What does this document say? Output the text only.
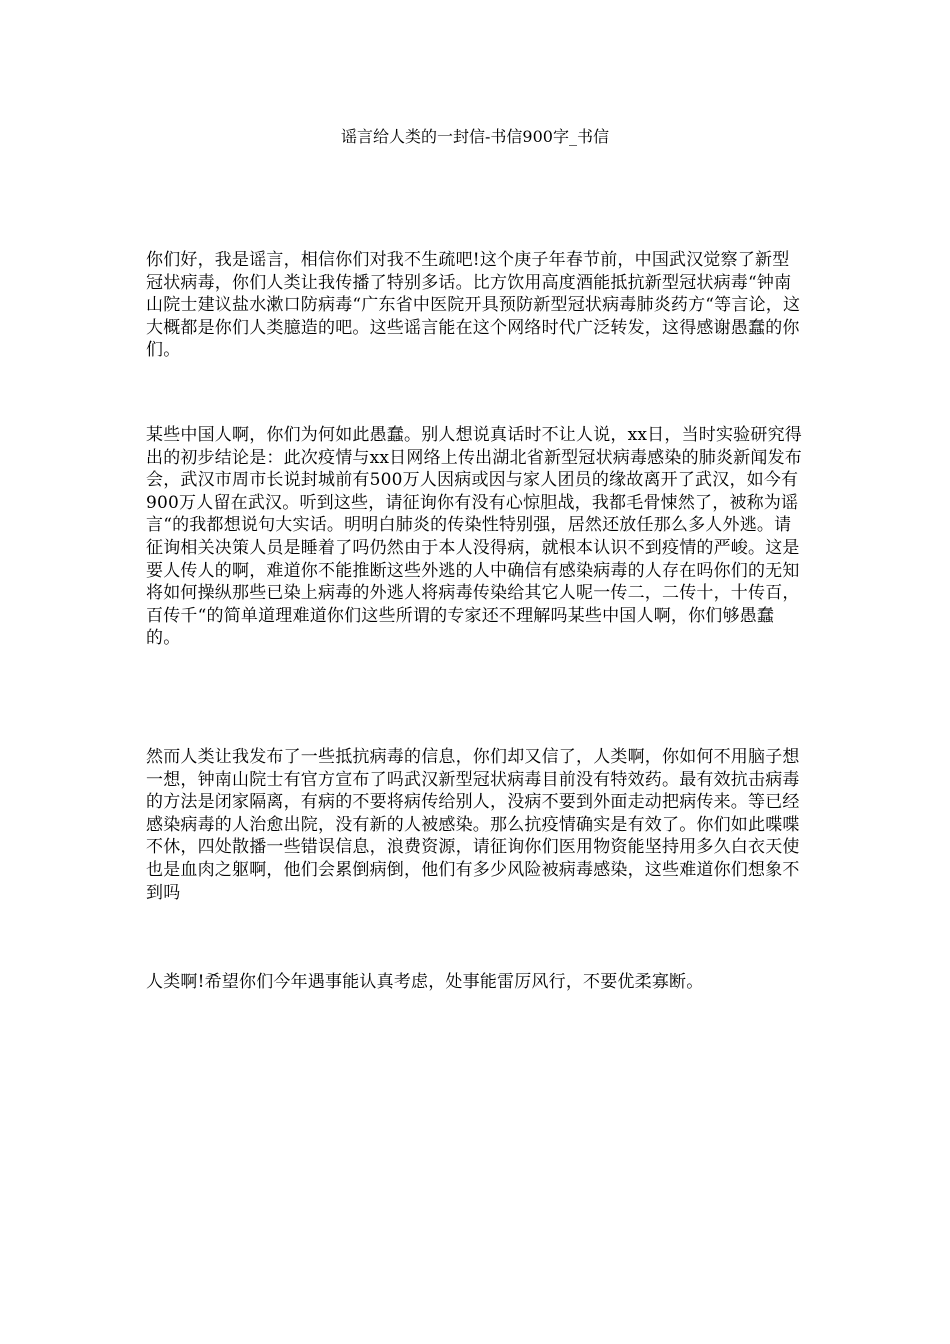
谣言给人类的一封信-书信900字_书信

你们好，我是谣言，相信你们对我不生疏吧!这个庚子年春节前，中国武汉觉察了新型冠状病毒，你们人类让我传播了特别多话。比方饮用高度酒能抵抗新型冠状病毒“钟南山院士建议盐水漱口防病毒“广东省中医院开具预防新型冠状病毒肺炎药方“等言论，这大概都是你们人类臆造的吧。这些谣言能在这个网络时代广泛转发，这得感谢愚蠢的你们。

某些中国人啊，你们为何如此愚蠢。别人想说真话时不让人说，xx日，当时实验研究得出的初步结论是：此次疫情与xx日网络上传出湖北省新型冠状病毒感染的肺炎新闻发布会，武汉市周市长说封城前有500万人因病或因与家人团员的缘故离开了武汉，如今有900万人留在武汉。听到这些，请征询你有没有心惊胆战，我都毛骨悚然了，被称为谣言“的我都想说句大实话。明明白肺炎的传染性特别强，居然还放任那么多人外逃。请征询相关决策人员是睡着了吗仍然由于本人没得病，就根本认识不到疫情的严峻。这是要人传人的啊，难道你不能推断这些外逃的人中确信有感染病毒的人存在吗你们的无知将如何操纵那些已染上病毒的外逃人将病毒传染给其它人呢一传二，二传十，十传百，百传千“的简单道理难道你们这些所谓的专家还不理解吗某些中国人啊，你们够愚蠢的。

然而人类让我发布了一些抵抗病毒的信息，你们却又信了，人类啊，你如何不用脑子想一想，钟南山院士有官方宣布了吗武汉新型冠状病毒目前没有特效药。最有效抗击病毒的方法是闭家隔离，有病的不要将病传给别人，没病不要到外面走动把病传来。等已经感染病毒的人治愈出院，没有新的人被感染。那么抗疫情确实是有效了。你们如此喋喋不休，四处散播一些错误信息，浪费资源，请征询你们医用物资能坚持用多久白衣天使也是血肉之躯啊，他们会累倒病倒，他们有多少风险被病毒感染，这些难道你们想象不到吗

人类啊!希望你们今年遇事能认真考虑，处事能雷厉风行，不要优柔寡断。
